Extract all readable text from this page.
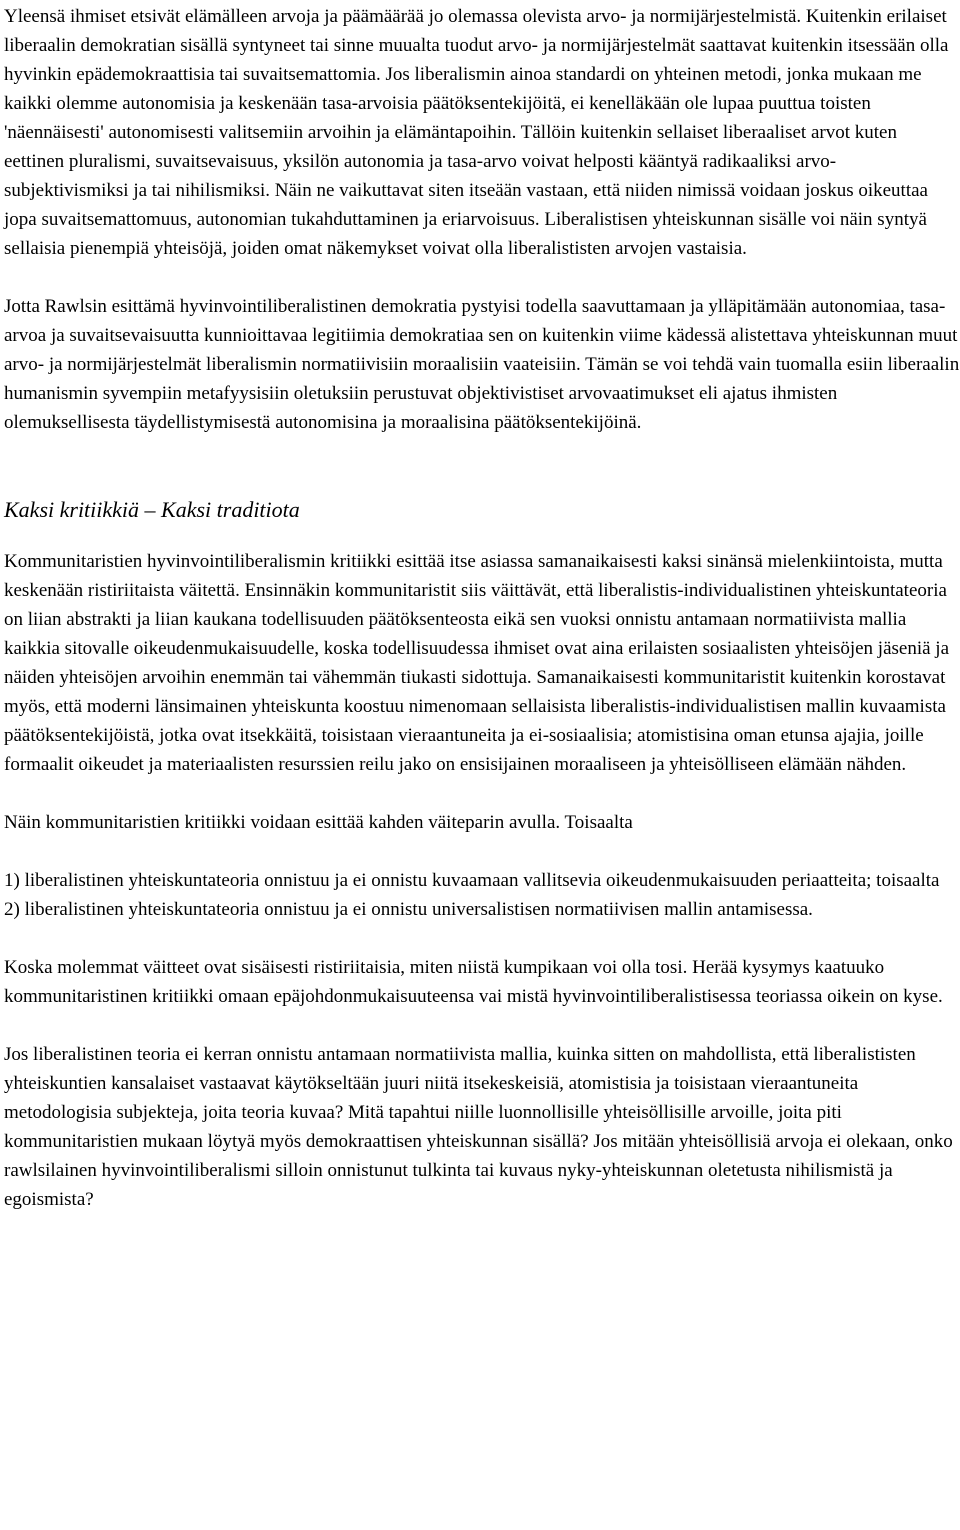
Yleensä ihmiset etsivät elämälleen arvoja ja päämäärää jo olemassa olevista arvo- ja normijärjestelmistä. Kuitenkin erilaiset liberaalin demokratian sisällä syntyneet tai sinne muualta tuodut arvo- ja normijärjestelmät saattavat kuitenkin itsessään olla hyvinkin epädemokraattisia tai suvaitsemattomia. Jos liberalismin ainoa standardi on yhteinen metodi, jonka mukaan me kaikki olemme autonomisia ja keskenään tasa-arvoisia päätöksentekijöitä, ei kenelläkään ole lupaa puuttua toisten 'näennäisesti' autonomisesti valitsemiin arvoihin ja elämäntapoihin. Tällöin kuitenkin sellaiset liberaaliset arvot kuten eettinen pluralismi, suvaitsevaisuus, yksilön autonomia ja tasa-arvo voivat helposti kääntyä radikaaliksi arvo-subjektivismiksi ja tai nihilismiksi. Näin ne vaikuttavat siten itseään vastaan, että niiden nimissä voidaan joskus oikeuttaa jopa suvaitsemattomuus, autonomian tukahduttaminen ja eriarvoisuus. Liberalistisen yhteiskunnan sisälle voi näin syntyä sellaisia pienempiä yhteisöjä, joiden omat näkemykset voivat olla liberalististen arvojen vastaisia.

Jotta Rawlsin esittämä hyvinvointiliberalistinen demokratia pystyisi todella saavuttamaan ja ylläpitämään autonomiaa, tasa-arvoa ja suvaitsevaisuutta kunnioittavaa legitiimia demokratiaa sen on kuitenkin viime kädessä alistettava yhteiskunnan muut arvo- ja normijärjestelmät liberalismin normatiivisiin moraalisiin vaateisiin. Tämän se voi tehdä vain tuomalla esiin liberaalin humanismin syvempiin metafyysisiin oletuksiin perustuvat objektivistiset arvovaatimukset eli ajatus ihmisten olemuksellisesta täydellistymisestä autonomisina ja moraalisina päätöksentekijöinä.

Kaksi kritiikkiä – Kaksi traditiota

Kommunitaristien hyvinvointiliberalismin kritiikki esittää itse asiassa samanaikaisesti kaksi sinänsä mielenkiintoista, mutta keskenään ristiriitaista väitettä. Ensinnäkin kommunitaristit siis väittävät, että liberalistis-individualistinen yhteiskuntateoria on liian abstrakti ja liian kaukana todellisuuden päätöksenteosta eikä sen vuoksi onnistu antamaan normatiivista mallia kaikkia sitovalle oikeudenmukaisuudelle, koska todellisuudessa ihmiset ovat aina erilaisten sosiaalisten yhteisöjen jäseniä ja näiden yhteisöjen arvoihin enemmän tai vähemmän tiukasti sidottuja. Samanaikaisesti kommunitaristit kuitenkin korostavat myös, että moderni länsimainen yhteiskunta koostuu nimenomaan sellaisista liberalistis-individualistisen mallin kuvaamista päätöksentekijöistä, jotka ovat itsekkäitä, toisistaan vieraantuneita ja ei-sosiaalisia; atomistisina oman etunsa ajajia, joille formaalit oikeudet ja materiaalisten resurssien reilu jako on ensisijainen moraaliseen ja yhteisölliseen elämään nähden.

Näin kommunitaristien kritiikki voidaan esittää kahden väiteparin avulla. Toisaalta

1) liberalistinen yhteiskuntateoria onnistuu ja ei onnistu kuvaamaan vallitsevia oikeudenmukaisuuden periaatteita; toisaalta 2) liberalistinen yhteiskuntateoria onnistuu ja ei onnistu universalistisen normatiivisen mallin antamisessa.

Koska molemmat väitteet ovat sisäisesti ristiriitaisia, miten niistä kumpikaan voi olla tosi. Herää kysymys kaatuuko kommunitaristinen kritiikki omaan epäjohdonmukaisuuteensa vai mistä hyvinvointiliberalistisessa teoriassa oikein on kyse.

Jos liberalistinen teoria ei kerran onnistu antamaan normatiivista mallia, kuinka sitten on mahdollista, että liberalististen yhteiskuntien kansalaiset vastaavat käytökseltään juuri niitä itsekeskeisiä, atomistisia ja toisistaan vieraantuneita metodologisia subjekteja, joita teoria kuvaa? Mitä tapahtui niille luonnollisille yhteisöllisille arvoille, joita piti kommunitaristien mukaan löytyä myös demokraattisen yhteiskunnan sisällä? Jos mitään yhteisöllisiä arvoja ei olekaan, onko rawlsilainen hyvinvointiliberalismi silloin onnistunut tulkinta tai kuvaus nyky-yhteiskunnan oletetusta nihilismistä ja egoismista?
